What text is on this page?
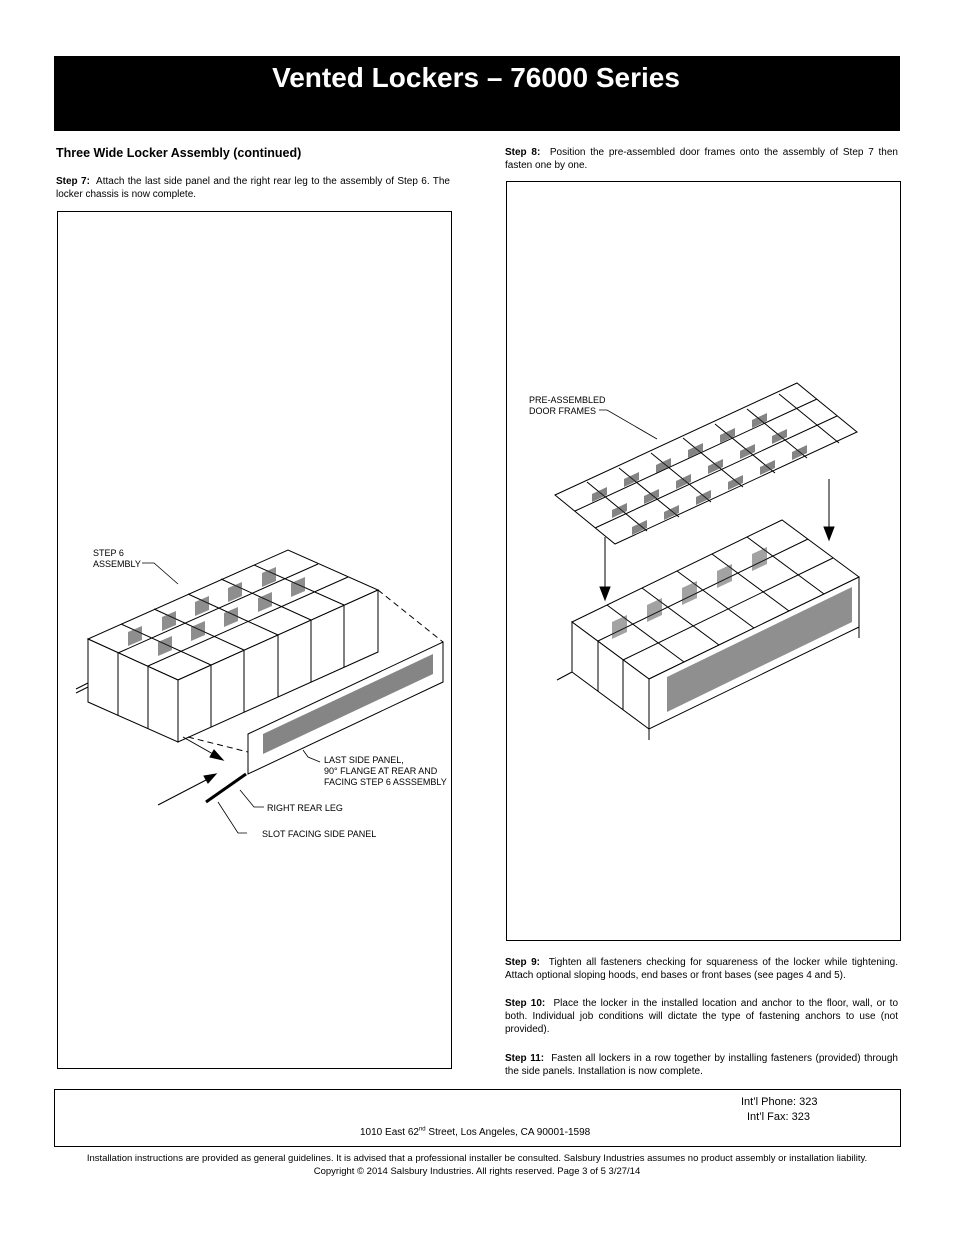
Vented Lockers – 76000 Series
Three Wide Locker Assembly (continued)
Step 7: Attach the last side panel and the right rear leg to the assembly of Step 6. The locker chassis is now complete.
Step 8: Position the pre-assembled door frames onto the assembly of Step 7 then fasten one by one.
STEP 6
ASSEMBLY
LAST SIDE PANEL,
90° FLANGE AT REAR AND
FACING STEP 6 ASSSEMBLY
RIGHT REAR LEG
SLOT FACING SIDE PANEL
PRE-ASSEMBLED
DOOR FRAMES
Step 9: Tighten all fasteners checking for squareness of the locker while tightening. Attach optional sloping hoods, end bases or front bases (see pages 4 and 5).
Step 10: Place the locker in the installed location and anchor to the floor, wall, or to both. Individual job conditions will dictate the type of fastening anchors to use (not provided).
Step 11: Fasten all lockers in a row together by installing fasteners (provided) through the side panels. Installation is now complete.
Int’l Phone: 323
Int’l Fax: 323
1010 East 62nd Street, Los Angeles, CA 90001-1598
Installation instructions are provided as general guidelines. It is advised that a professional installer be consulted. Salsbury Industries assumes no product assembly or installation liability.
Copyright © 2014 Salsbury Industries. All rights reserved. Page 3 of 5 3/27/14
